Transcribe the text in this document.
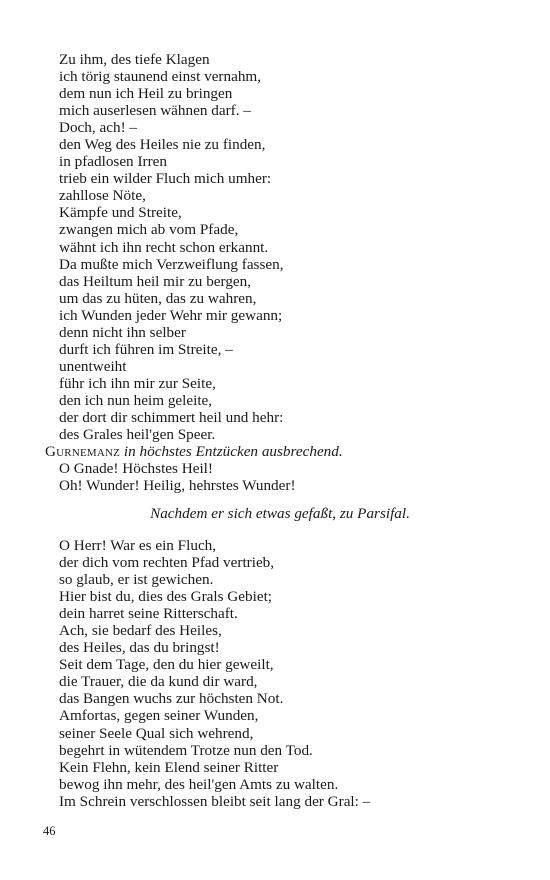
Zu ihm, des tiefe Klagen
ich törig staunend einst vernahm,
dem nun ich Heil zu bringen
mich auserlesen wähnen darf. –
Doch, ach! –
den Weg des Heiles nie zu finden,
in pfadlosen Irren
trieb ein wilder Fluch mich umher:
zahllose Nöte,
Kämpfe und Streite,
zwangen mich ab vom Pfade,
wähnt ich ihn recht schon erkannt.
Da mußte mich Verzweiflung fassen,
das Heiltum heil mir zu bergen,
um das zu hüten, das zu wahren,
ich Wunden jeder Wehr mir gewann;
denn nicht ihn selber
durft ich führen im Streite, –
unentweiht
führ ich ihn mir zur Seite,
den ich nun heim geleite,
der dort dir schimmert heil und hehr:
des Grales heil'gen Speer.
Gurnemanz in höchstes Entzücken ausbrechend.
O Gnade! Höchstes Heil!
Oh! Wunder! Heilig, hehrstes Wunder!
Nachdem er sich etwas gefaßt, zu Parsifal.
O Herr! War es ein Fluch,
der dich vom rechten Pfad vertrieb,
so glaub, er ist gewichen.
Hier bist du, dies des Grals Gebiet;
dein harret seine Ritterschaft.
Ach, sie bedarf des Heiles,
des Heiles, das du bringst!
Seit dem Tage, den du hier geweilt,
die Trauer, die da kund dir ward,
das Bangen wuchs zur höchsten Not.
Amfortas, gegen seiner Wunden,
seiner Seele Qual sich wehrend,
begehrt in wütendem Trotze nun den Tod.
Kein Flehn, kein Elend seiner Ritter
bewog ihn mehr, des heil'gen Amts zu walten.
Im Schrein verschlossen bleibt seit lang der Gral: –
46
